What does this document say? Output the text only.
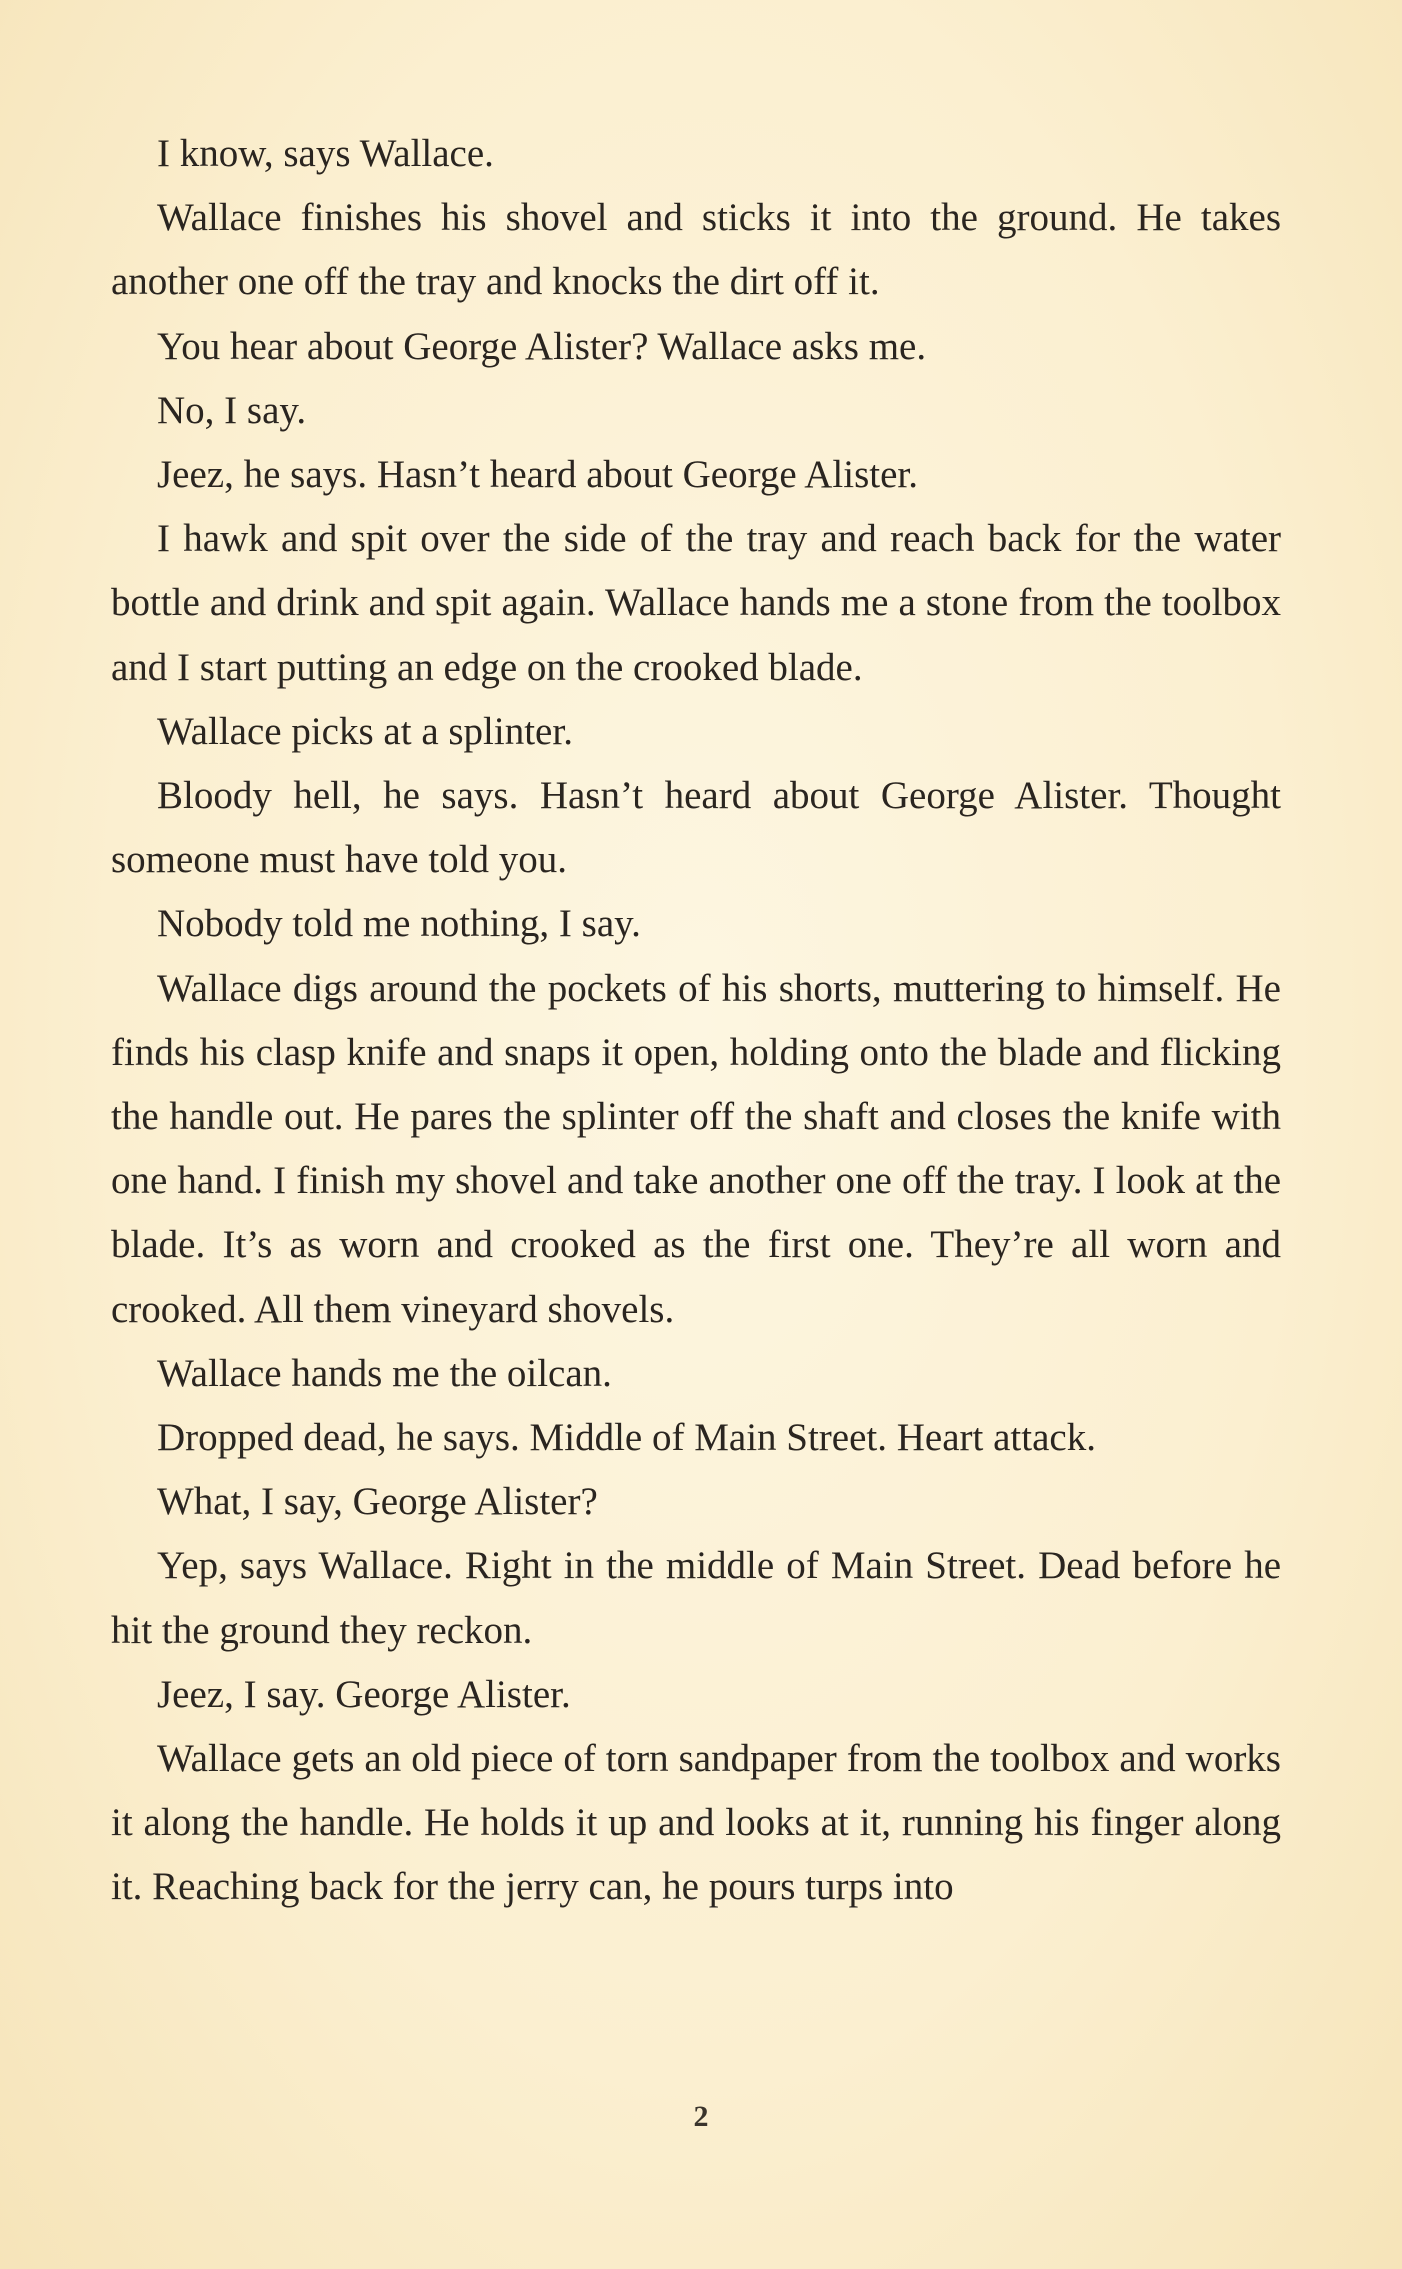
I know, says Wallace.

Wallace finishes his shovel and sticks it into the ground. He takes another one off the tray and knocks the dirt off it.

You hear about George Alister? Wallace asks me.

No, I say.

Jeez, he says. Hasn’t heard about George Alister.

I hawk and spit over the side of the tray and reach back for the water bottle and drink and spit again. Wallace hands me a stone from the toolbox and I start putting an edge on the crooked blade.

Wallace picks at a splinter.

Bloody hell, he says. Hasn’t heard about George Alister. Thought someone must have told you.

Nobody told me nothing, I say.

Wallace digs around the pockets of his shorts, muttering to himself. He finds his clasp knife and snaps it open, holding onto the blade and flicking the handle out. He pares the splinter off the shaft and closes the knife with one hand. I finish my shovel and take another one off the tray. I look at the blade. It’s as worn and crooked as the first one. They’re all worn and crooked. All them vineyard shovels.

Wallace hands me the oilcan.

Dropped dead, he says. Middle of Main Street. Heart attack.

What, I say, George Alister?

Yep, says Wallace. Right in the middle of Main Street. Dead before he hit the ground they reckon.

Jeez, I say. George Alister.

Wallace gets an old piece of torn sandpaper from the toolbox and works it along the handle. He holds it up and looks at it, running his finger along it. Reaching back for the jerry can, he pours turps into

2
